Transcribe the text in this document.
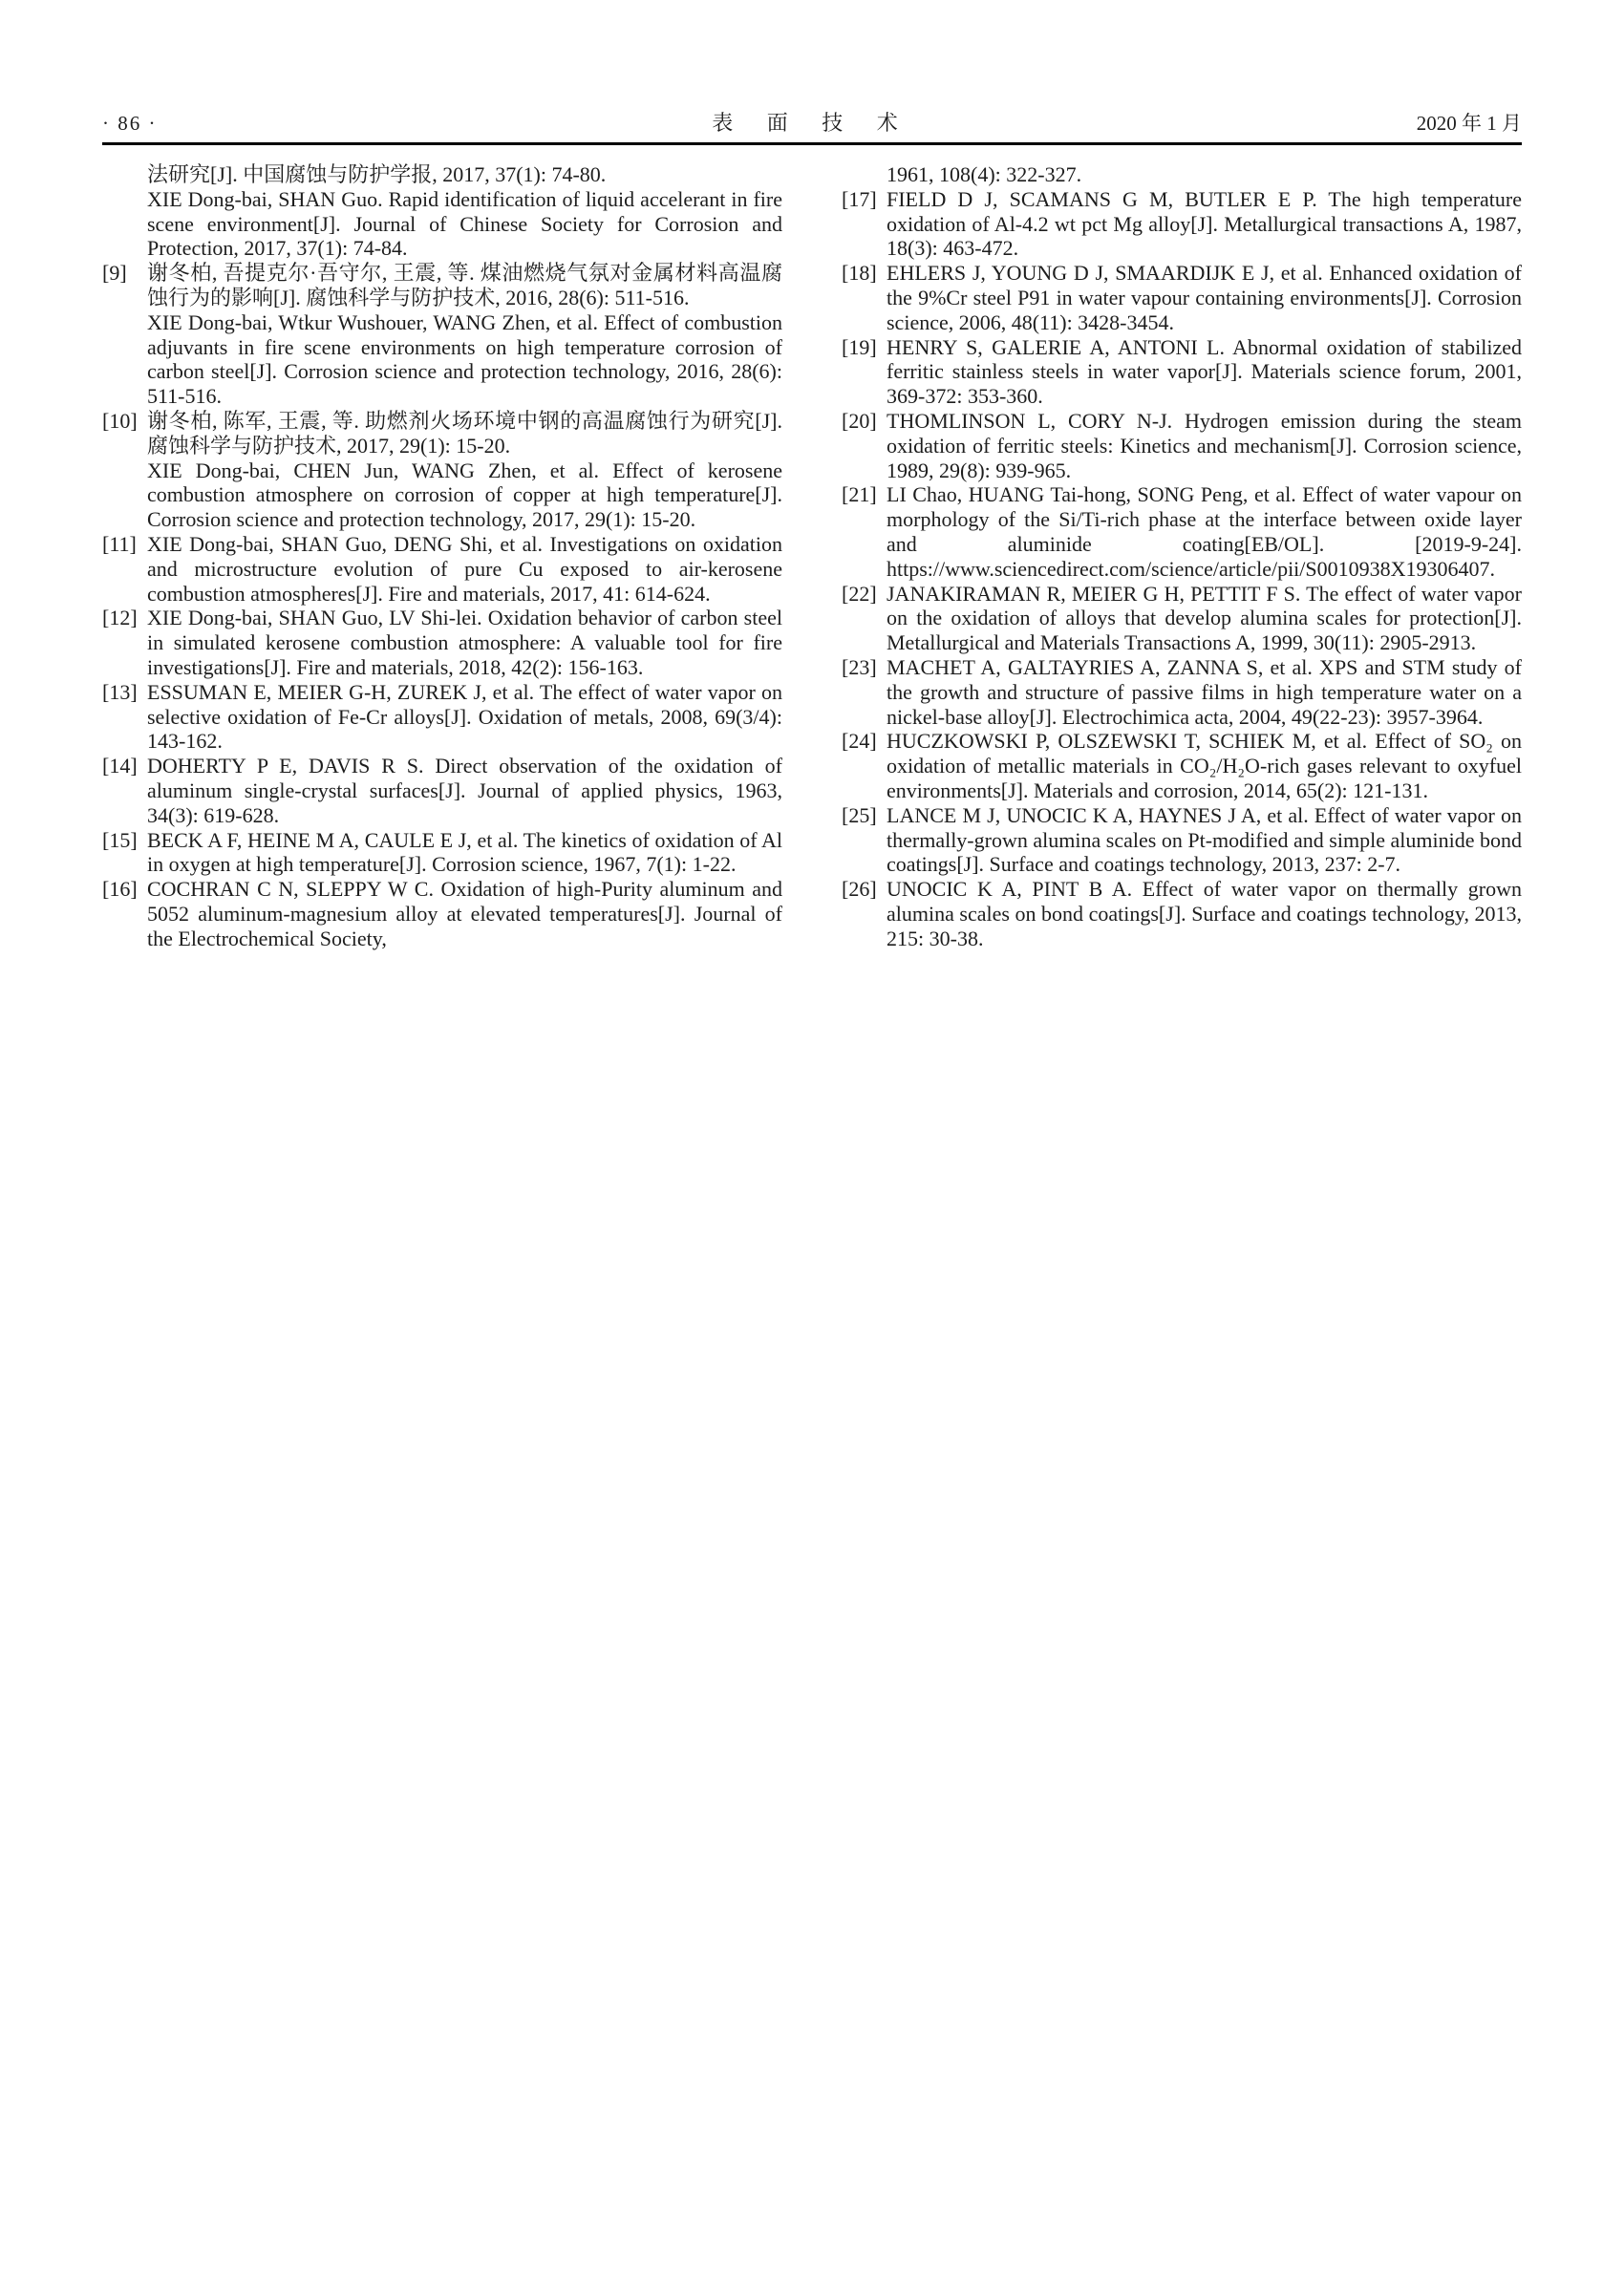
· 86 ·	表 面 技 术	2020 年 1 月

法研究[J]. 中国腐蚀与防护学报, 2017, 37(1): 74-80.

XIE Dong-bai, SHAN Guo. Rapid identification of liquid accelerant in fire scene environment[J]. Journal of Chinese Society for Corrosion and Protection, 2017, 37(1): 74-84.

[9] 谢冬柏, 吾提克尔·吾守尔, 王震, 等. 煤油燃烧气氛对金属材料高温腐蚀行为的影响[J]. 腐蚀科学与防护技术, 2016, 28(6): 511-516.

XIE Dong-bai, Wtkur Wushouer, WANG Zhen, et al. Effect of combustion adjuvants in fire scene environments on high temperature corrosion of carbon steel[J]. Corrosion science and protection technology, 2016, 28(6): 511-516.

[10] 谢冬柏, 陈军, 王震, 等. 助燃剂火场环境中钢的高温腐蚀行为研究[J]. 腐蚀科学与防护技术, 2017, 29(1): 15-20.

XIE Dong-bai, CHEN Jun, WANG Zhen, et al. Effect of kerosene combustion atmosphere on corrosion of copper at high temperature[J]. Corrosion science and protection technology, 2017, 29(1): 15-20.

[11] XIE Dong-bai, SHAN Guo, DENG Shi, et al. Investigations on oxidation and microstructure evolution of pure Cu exposed to air-kerosene combustion atmospheres[J]. Fire and materials, 2017, 41: 614-624.

[12] XIE Dong-bai, SHAN Guo, LV Shi-lei. Oxidation behavior of carbon steel in simulated kerosene combustion atmosphere: A valuable tool for fire investigations[J]. Fire and materials, 2018, 42(2): 156-163.

[13] ESSUMAN E, MEIER G-H, ZUREK J, et al. The effect of water vapor on selective oxidation of Fe-Cr alloys[J]. Oxidation of metals, 2008, 69(3/4): 143-162.

[14] DOHERTY P E, DAVIS R S. Direct observation of the oxidation of aluminum single-crystal surfaces[J]. Journal of applied physics, 1963, 34(3): 619-628.

[15] BECK A F, HEINE M A, CAULE E J, et al. The kinetics of oxidation of Al in oxygen at high temperature[J]. Corrosion science, 1967, 7(1): 1-22.

[16] COCHRAN C N, SLEPPY W C. Oxidation of high-Purity aluminum and 5052 aluminum-magnesium alloy at elevated temperatures[J]. Journal of the Electrochemical Society,

1961, 108(4): 322-327.

[17] FIELD D J, SCAMANS G M, BUTLER E P. The high temperature oxidation of Al-4.2 wt pct Mg alloy[J]. Metallurgical transactions A, 1987, 18(3): 463-472.

[18] EHLERS J, YOUNG D J, SMAARDIJK E J, et al. Enhanced oxidation of the 9%Cr steel P91 in water vapour containing environments[J]. Corrosion science, 2006, 48(11): 3428-3454.

[19] HENRY S, GALERIE A, ANTONI L. Abnormal oxidation of stabilized ferritic stainless steels in water vapor[J]. Materials science forum, 2001, 369-372: 353-360.

[20] THOMLINSON L, CORY N-J. Hydrogen emission during the steam oxidation of ferritic steels: Kinetics and mechanism[J]. Corrosion science, 1989, 29(8): 939-965.

[21] LI Chao, HUANG Tai-hong, SONG Peng, et al. Effect of water vapour on morphology of the Si/Ti-rich phase at the interface between oxide layer and aluminide coating[EB/OL]. [2019-9-24]. https://www.sciencedirect.com/science/article/pii/S0010938X19306407.

[22] JANAKIRAMAN R, MEIER G H, PETTIT F S. The effect of water vapor on the oxidation of alloys that develop alumina scales for protection[J]. Metallurgical and Materials Transactions A, 1999, 30(11): 2905-2913.

[23] MACHET A, GALTAYRIES A, ZANNA S, et al. XPS and STM study of the growth and structure of passive films in high temperature water on a nickel-base alloy[J]. Electrochimica acta, 2004, 49(22-23): 3957-3964.

[24] HUCZKOWSKI P, OLSZEWSKI T, SCHIEK M, et al. Effect of SO₂ on oxidation of metallic materials in CO₂/H₂O-rich gases relevant to oxyfuel environments[J]. Materials and corrosion, 2014, 65(2): 121-131.

[25] LANCE M J, UNOCIC K A, HAYNES J A, et al. Effect of water vapor on thermally-grown alumina scales on Pt-modified and simple aluminide bond coatings[J]. Surface and coatings technology, 2013, 237: 2-7.

[26] UNOCIC K A, PINT B A. Effect of water vapor on thermally grown alumina scales on bond coatings[J]. Surface and coatings technology, 2013, 215: 30-38.
